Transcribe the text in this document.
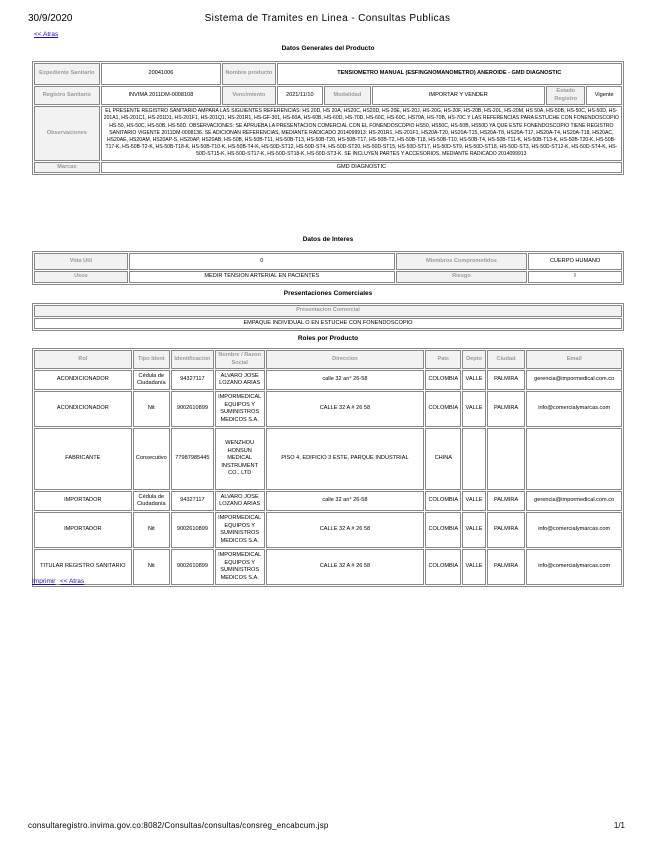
30/9/2020	Sistema de Tramites en Linea - Consultas Publicas
<< Atras
Datos Generales del Producto
Expediente Sanitario	20041006	Nombre producto	TENSIOMETRO MANUAL (ESFINGNOMANOMETRO) ANEROIDE - GMD DIAGNOSTIC				
Registro Sanitario	INVIMA 2011DM-0008108	Vencimiento	2021/11/10	Modalidad	IMPORTAR Y VENDER	Estado Registro	Vigente
Observaciones	EL PRESENTE REGISTRO SANITARIO AMPARA LAS SIGUIENTES REFERENCIAS: HS 20D, HS 20A, HS20C, HS20D, HS-20E, HS-20J, HS-20G, HS-20F, HS-20B, HS-20L, HS-20M, HS 50A, HS-50B, HS-50C, HS-50D, HS-201A1, HS-201C1, HS-201D1, HS-201F1, HS-201Q1, HS-201R1, HS-GF-301, HS-60A, HS-60B, HS-60D, HS-70D, HS-60C, HS-60C, HS70A, HS-70B, HS-70C Y LAS REFERENCIAS PARA ESTUCHE CON FONENDOSCOPIO HS-50, HS-50C, HS-50B, HS-50D. OBSERVACIONES: SE APRUEBA LA PRESENTACION COMERCIAL CON EL FONENDOSCOPIO HS50, HS50C, HS-50B, HS50D YA QUE ESTE FONENDOSCOPIO TIENE REGISTRO SANITARIO VIGENTE 2011DM-0008136. SE ADICIONAN REFERENCIAS, MEDIANTE RADICADO 2014099913: HS-201R1, HS-201F1, HS20A-T20, HS20A-T15, HS20A-T8, HS20A-T17, HS20A-T4, HS20A-T18, HS20AC, HS20AE, HS20AM, HS20AP-S, HS20AP, HS20AB, HS-50B, HS-50B-T11, HS-50B-T13, HS-50B-T20, HS-50B-T17, HS-50B-T2, HS-50B-T18, HS-50B-T10, HS-50B-T4, HS-50B-T11-K, HS-50B-T13-K, HS-50B-T20-K, HS-50B-T17-K, HS-50B-T2-K, HS-50B-T18-K, HS-50B-T10-K, HS-50B-T4-K, HS-50D-ST12, HS-50D-ST4, HS-50D-ST20, HS-50D-ST15, HS-50D-ST17, HS-50D-ST9, HS-50D-ST18, HS-50D-ST3, HS-50D-ST12-K, HS-50D-ST4-K, HS-50D-ST15-K, HS-50D-ST17-K, HS-50D-ST18-K, HS-50D-ST3-K. SE INCLUYEN PARTES Y ACCESORIOS, MEDIANTE RADICADO 2014099913						
Marcas	GMD DIAGNOSTIC						
Datos de Interes
Vida Util	0	Miembros Comprometidos	CUERPO HUMANO
Usos	MEDIR TENSION ARTERIAL EN PACIENTES	Riesgo	I
Presentaciones Comerciales
Presentacion Comercial
EMPAQUE INDIVIDUAL O EN ESTUCHE CON FONENDOSCOPIO
Roles por Producto
Rol	Tipo Ident	Identificacion	Nombre / Razon Social	Direccion	Pais	Depto	Ciudad	Email
ACONDICIONADOR	Cédula de Ciudadanía	94327117	ALVARO JOSE LOZANO ARIAS	calle 32 an° 26-58	COLOMBIA	VALLE	PALMIRA	gerencia@impormedical.com.co
ACONDICIONADOR	Nit	9002610899	IMPORMEDICAL EQUIPOS Y SUMINISTROS MEDICOS S.A.	CALLE 32 A # 26 58	COLOMBIA	VALLE	PALMIRA	info@comercialymarcas.com
FABRICANTE	Consecutivo	77987985445	WENZHOU HONSUN MEDICAL INSTRUMENT CO., LTD	PISO 4, EDIFICIO 3 ESTE, PARQUE INDUSTRIAL	CHINA			
IMPORTADOR	Cédula de Ciudadanía	94327117	ALVARO JOSE LOZANO ARIAS	calle 32 an° 26-58	COLOMBIA	VALLE	PALMIRA	gerencia@impormedical.com.co
IMPORTADOR	Nit	9002610899	IMPORMEDICAL EQUIPOS Y SUMINISTROS MEDICOS S.A.	CALLE 32 A # 26 58	COLOMBIA	VALLE	PALMIRA	info@comercialymarcas.com
TITULAR REGISTRO SANITARIO	Nit	9002610899	IMPORMEDICAL EQUIPOS Y SUMINISTROS MEDICOS S.A.	CALLE 32 A # 26 58	COLOMBIA	VALLE	PALMIRA	info@comercialymarcas.com
Imprimir << Atras
consultaregistro.invima.gov.co:8082/Consultas/consultas/consreg_encabcum.jsp	1/1
